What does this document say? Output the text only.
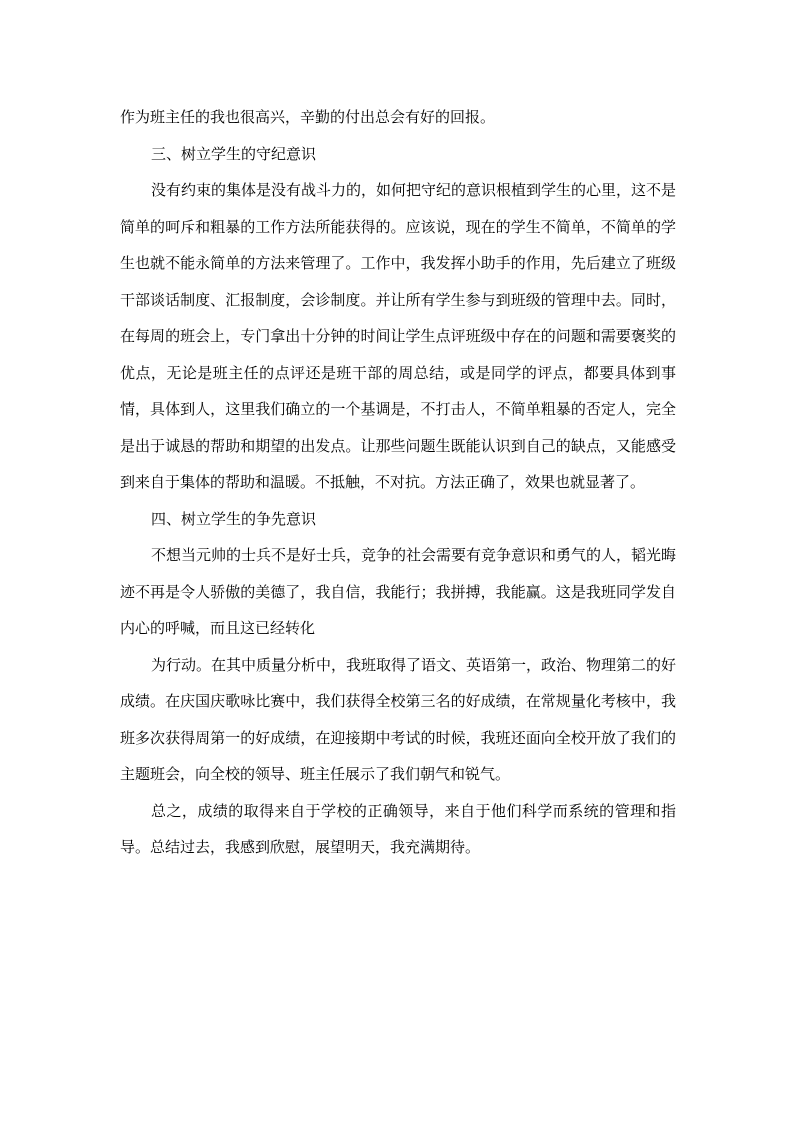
作为班主任的我也很高兴，辛勤的付出总会有好的回报。

三、树立学生的守纪意识

没有约束的集体是没有战斗力的，如何把守纪的意识根植到学生的心里，这不是简单的呵斥和粗暴的工作方法所能获得的。应该说，现在的学生不简单，不简单的学生也就不能永简单的方法来管理了。工作中，我发挥小助手的作用，先后建立了班级干部谈话制度、汇报制度，会诊制度。并让所有学生参与到班级的管理中去。同时，在每周的班会上，专门拿出十分钟的时间让学生点评班级中存在的问题和需要褒奖的优点，无论是班主任的点评还是班干部的周总结，或是同学的评点，都要具体到事情，具体到人，这里我们确立的一个基调是，不打击人，不简单粗暴的否定人，完全是出于诚恳的帮助和期望的出发点。让那些问题生既能认识到自己的缺点，又能感受到来自于集体的帮助和温暖。不抵触，不对抗。方法正确了，效果也就显著了。

四、树立学生的争先意识

不想当元帅的士兵不是好士兵，竞争的社会需要有竞争意识和勇气的人，韬光晦迹不再是令人骄傲的美德了，我自信，我能行；我拼搏，我能赢。这是我班同学发自内心的呼喊，而且这已经转化

为行动。在其中质量分析中，我班取得了语文、英语第一，政治、物理第二的好成绩。在庆国庆歌咏比赛中，我们获得全校第三名的好成绩，在常规量化考核中，我班多次获得周第一的好成绩，在迎接期中考试的时候，我班还面向全校开放了我们的主题班会，向全校的领导、班主任展示了我们朝气和锐气。

总之，成绩的取得来自于学校的正确领导，来自于他们科学而系统的管理和指导。总结过去，我感到欣慰，展望明天，我充满期待。
